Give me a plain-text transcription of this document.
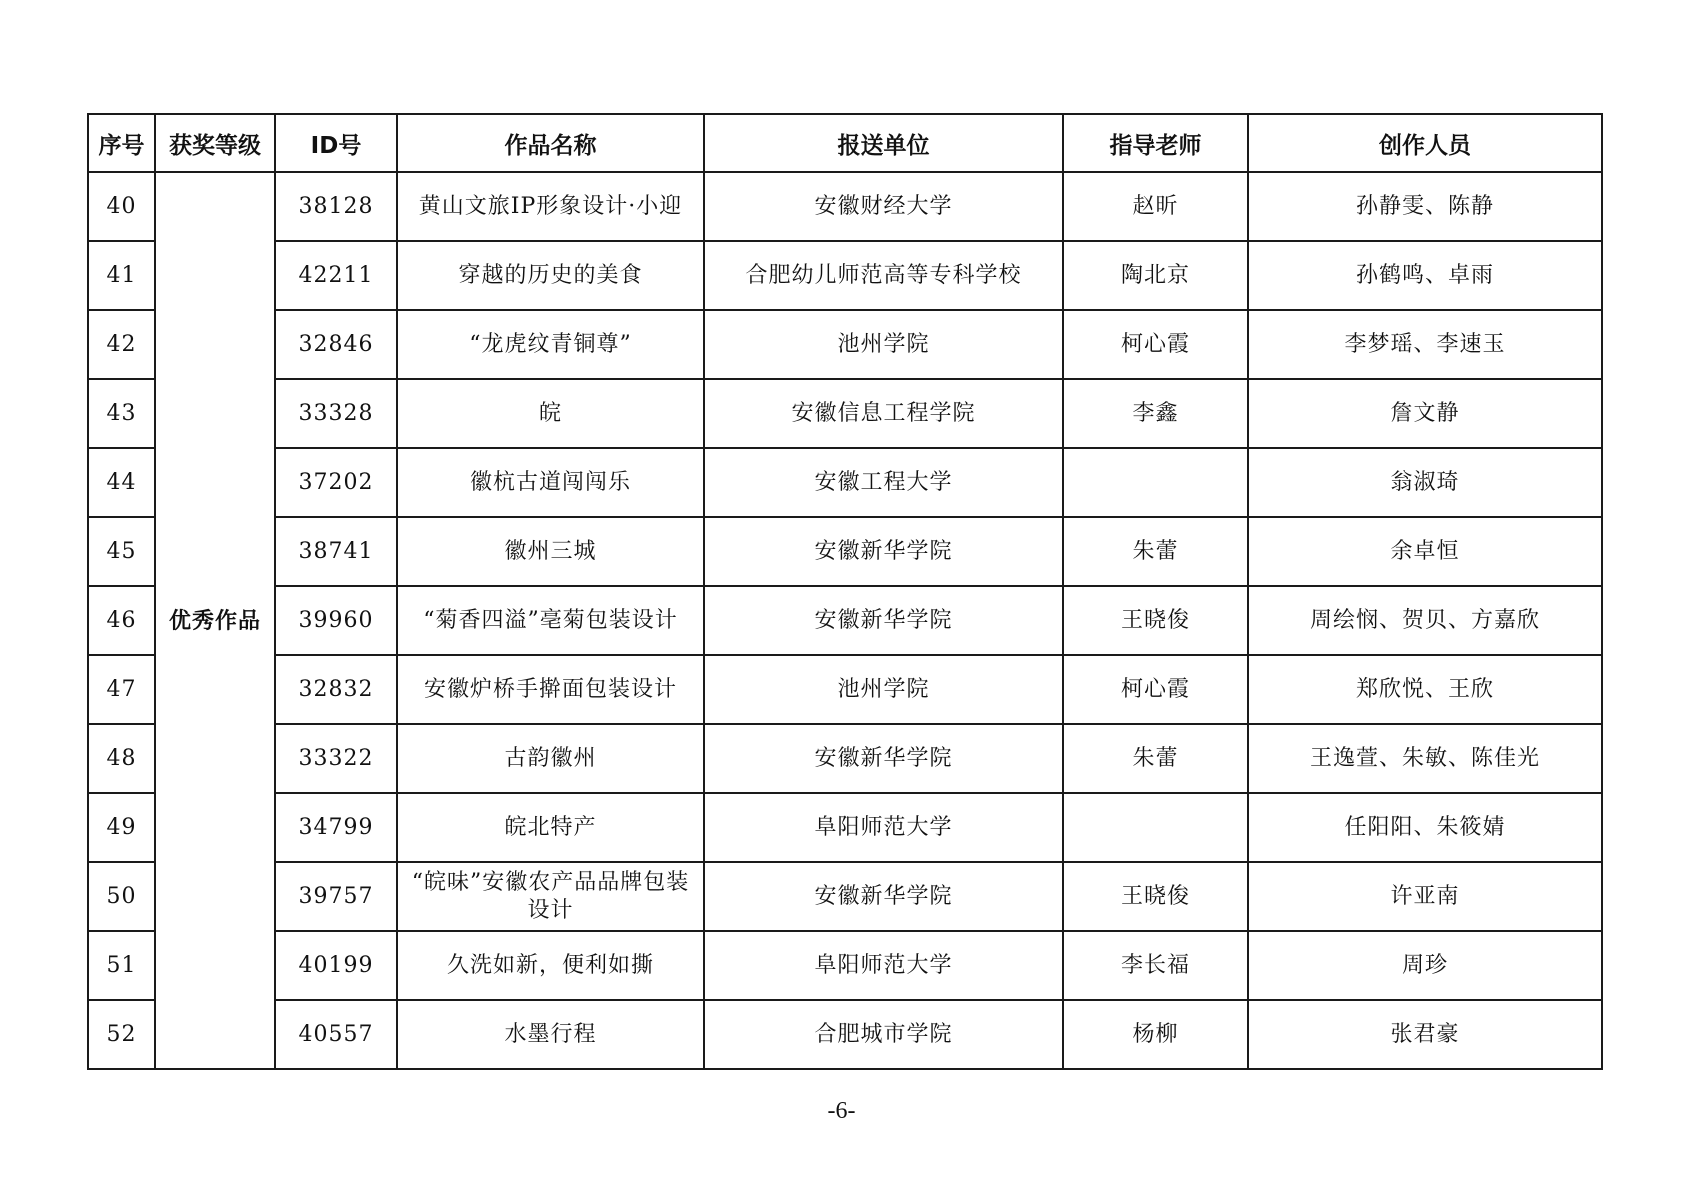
序号	获奖等级	ID号	作品名称	报送单位	指导老师	创作人员
40	优秀作品	38128	黄山文旅IP形象设计·小迎	安徽财经大学	赵昕	孙静雯、陈静
41		42211	穿越的历史的美食	合肥幼儿师范高等专科学校	陶北京	孙鹤鸣、卓雨
42		32846	“龙虎纹青铜尊”	池州学院	柯心霞	李梦瑶、李速玉
43		33328	皖	安徽信息工程学院	李鑫	詹文静
44		37202	徽杭古道闯闯乐	安徽工程大学		翁淑琦
45		38741	徽州三城	安徽新华学院	朱蕾	余卓恒
46		39960	“菊香四溢”亳菊包装设计	安徽新华学院	王晓俊	周绘悯、贺贝、方嘉欣
47		32832	安徽炉桥手擀面包装设计	池州学院	柯心霞	郑欣悦、王欣
48		33322	古韵徽州	安徽新华学院	朱蕾	王逸萱、朱敏、陈佳光
49		34799	皖北特产	阜阳师范大学		任阳阳、朱筱婧
50		39757	“皖味”安徽农产品品牌包装设计	安徽新华学院	王晓俊	许亚南
51		40199	久洗如新，便利如撕	阜阳师范大学	李长福	周珍
52		40557	水墨行程	合肥城市学院	杨柳	张君豪
-6-
